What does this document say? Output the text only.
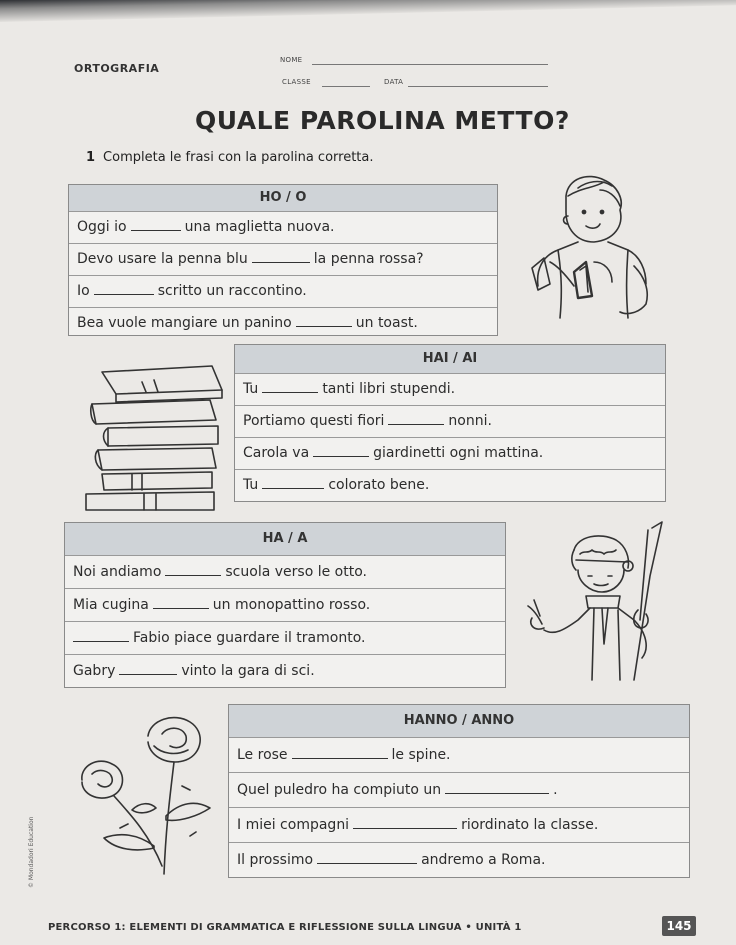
ORTOGRAFIA
NOME
CLASSE	DATA
QUALE PAROLINA METTO?
1 Completa le frasi con la parolina corretta.
HO / O
Oggi io	una maglietta nuova.
Devo usare la penna blu	la penna rossa?
Io	scritto un raccontino.
Bea vuole mangiare un panino	un toast.
HAI / AI
Tu	tanti libri stupendi.
Portiamo questi fiori	nonni.
Carola va	giardinetti ogni mattina.
Tu	colorato bene.
HA / A
Noi andiamo	scuola verso le otto.
Mia cugina	un monopattino rosso.
Fabio piace guardare il tramonto.
Gabry	vinto la gara di sci.
HANNO / ANNO
Le rose	le spine.
Quel puledro ha compiuto un	.
I miei compagni	riordinato la classe.
Il prossimo	andremo a Roma.
© Mondadori Education
PERCORSO 1: ELEMENTI DI GRAMMATICA E RIFLESSIONE SULLA LINGUA • UNITÀ 1	145
